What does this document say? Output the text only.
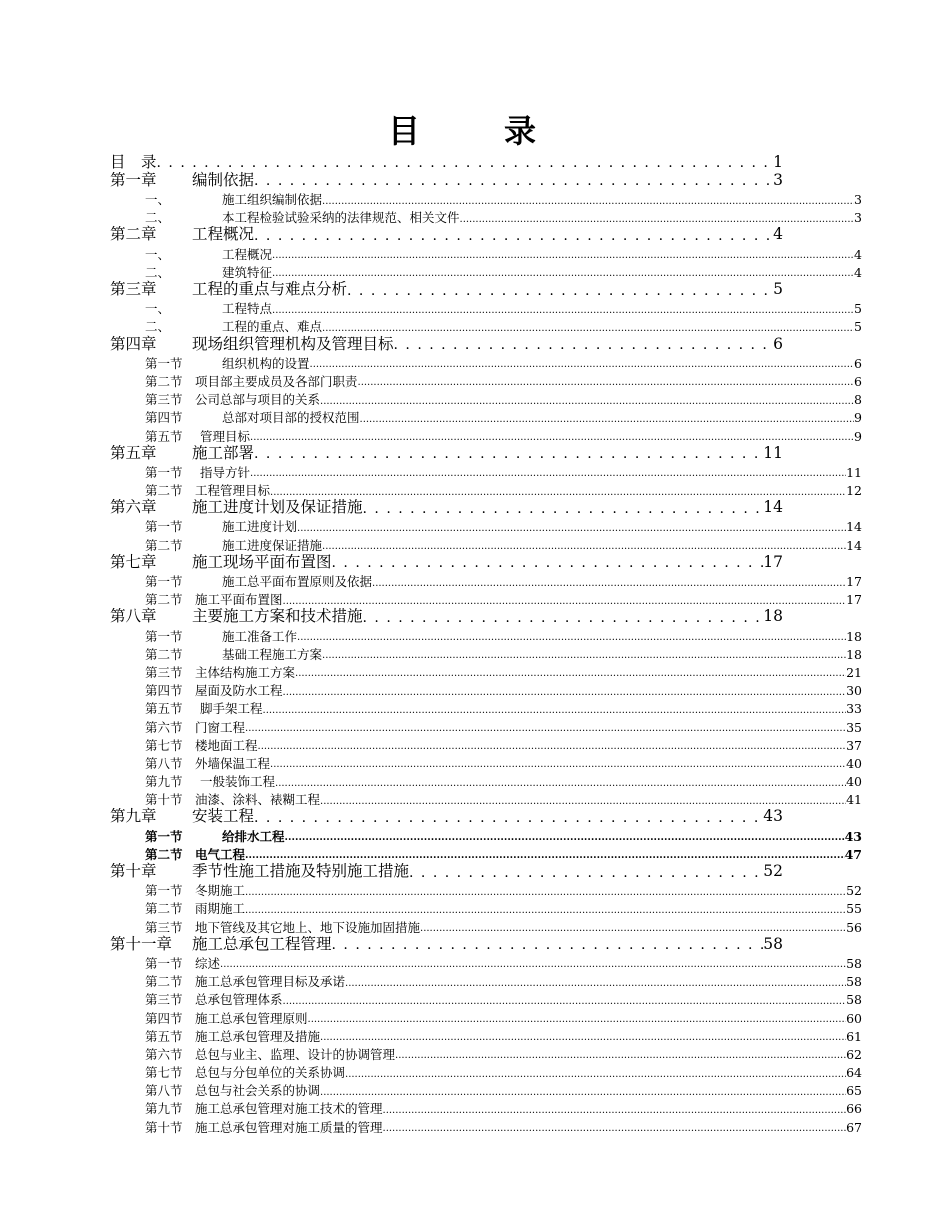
目　录
目　录 . . .	1
第一章	编制依据 . . .	3
一、	施工组织编制依据 .....	3
二、	本工程检验试验采纳的法律规范、相关文件 .....	3
第二章	工程概况 . . .	4
一、	工程概况 .....	4
二、	建筑特征 .....	4
第三章	工程的重点与难点分析 . . .	5
一、	工程特点 .....	5
二、	工程的重点、难点 .....	5
第四章	现场组织管理机构及管理目标 . . .	6
第一节	组织机构的设置 .....	6
第二节 项目部主要成员及各部门职责 .....	6
第三节 公司总部与项目的关系 .....	8
第四节	总部对项目部的授权范围 .....	9
第五节	管理目标 .....	9
第五章	施工部署 . . .	11
第一节	指导方针 .....	11
第二节 工程管理目标 .....	12
第六章	施工进度计划及保证措施 . . .	14
第一节	施工进度计划 .....	14
第二节	施工进度保证措施 .....	14
第七章	施工现场平面布置图 . . .	17
第一节	施工总平面布置原则及依据 .....	17
第二节 施工平面布置图 .....	17
第八章	主要施工方案和技术措施 . . .	18
第一节	施工准备工作 .....	18
第二节	基础工程施工方案 .....	18
第三节 主体结构施工方案 .....	21
第四节 屋面及防水工程 .....	30
第五节	脚手架工程 .....	33
第六节 门窗工程 .....	35
第七节 楼地面工程 .....	37
第八节 外墙保温工程 .....	40
第九节	一般装饰工程 .....	40
第十节 油漆、涂料、裱糊工程 .....	41
第九章	安装工程 . . .	43
第一节	给排水工程 .....	43
第二节 电气工程 .....	47
第十章	季节性施工措施及特别施工措施 . . .	52
第一节 冬期施工 .....	52
第二节 雨期施工 .....	55
第三节 地下管线及其它地上、地下设施加固措施 .....	56
第十一章	施工总承包工程管理 . . .	58
第一节 综述 .....	58
第二节 施工总承包管理目标及承诺 .....	58
第三节 总承包管理体系 .....	58
第四节 施工总承包管理原则 .....	60
第五节 施工总承包管理及措施 .....	61
第六节 总包与业主、监理、设计的协调管理 .....	62
第七节 总包与分包单位的关系协调 .....	64
第八节 总包与社会关系的协调 .....	65
第九节 施工总承包管理对施工技术的管理 .....	66
第十节 施工总承包管理对施工质量的管理 .....	67
